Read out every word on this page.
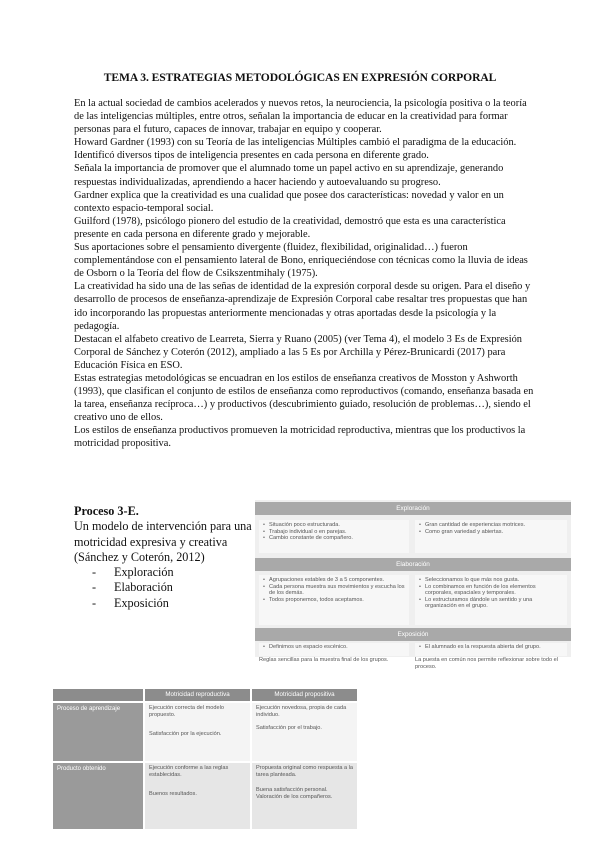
TEMA 3. ESTRATEGIAS METODOLÓGICAS EN EXPRESIÓN CORPORAL

En la actual sociedad de cambios acelerados y nuevos retos, la neurociencia, la psicología positiva o la teoría de las inteligencias múltiples, entre otros, señalan la importancia de educar en la creatividad para formar personas para el futuro, capaces de innovar, trabajar en equipo y cooperar.

Howard Gardner (1993) con su Teoría de las inteligencias Múltiples cambió el paradigma de la educación. Identificó diversos tipos de inteligencia presentes en cada persona en diferente grado.

Señala la importancia de promover que el alumnado tome un papel activo en su aprendizaje, generando respuestas individualizadas, aprendiendo a hacer haciendo y autoevaluando su progreso.

Gardner explica que la creatividad es una cualidad que posee dos características: novedad y valor en un contexto espacio-temporal social.

Guilford (1978), psicólogo pionero del estudio de la creatividad, demostró que esta es una característica presente en cada persona en diferente grado y mejorable.

Sus aportaciones sobre el pensamiento divergente (fluidez, flexibilidad, originalidad…) fueron complementándose con el pensamiento lateral de Bono, enriqueciéndose con técnicas como la lluvia de ideas de Osborn o la Teoría del flow de Csikszentmihaly (1975).

La creatividad ha sido una de las señas de identidad de la expresión corporal desde su origen. Para el diseño y desarrollo de procesos de enseñanza-aprendizaje de Expresión Corporal cabe resaltar tres propuestas que han ido incorporando las propuestas anteriormente mencionadas y otras aportadas desde la psicología y la pedagogía.

Destacan el alfabeto creativo de Learreta, Sierra y Ruano (2005) (ver Tema 4), el modelo 3 Es de Expresión Corporal de Sánchez y Coterón (2012), ampliado a las 5 Es por Archilla y Pérez-Brunicardi (2017) para Educación Física en ESO.

Estas estrategias metodológicas se encuadran en los estilos de enseñanza creativos de Mosston y Ashworth (1993), que clasifican el conjunto de estilos de enseñanza como reproductivos (comando, enseñanza basada en la tarea, enseñanza recíproca…) y productivos (descubrimiento guiado, resolución de problemas…), siendo el creativo uno de ellos.

Los estilos de enseñanza productivos promueven la motricidad reproductiva, mientras que los productivos la motricidad propositiva.

Proceso 3-E.
Un modelo de intervención para una motricidad expresiva y creativa (Sánchez y Coterón, 2012)
- Exploración
- Elaboración
- Exposición
Exploración
• Situación poco estructurada.
• Trabajo individual o en parejas.
• Cambio constante de compañero.
• Gran cantidad de experiencias motrices.
• Como gran variedad y abiertas.
Elaboración
• Agrupaciones estables de 3 a 5 componentes.
• Cada persona muestra sus movimientos y escucha los de los demás.
• Todos proponemos, todos aceptamos.
• Seleccionamos lo que más nos gusta.
• Lo combinamos en función de los elementos corporales, espaciales y temporales.
• Lo estructuramos dándole un sentido y una organización en el grupo.
Exposición
• Definimos un espacio escénico.
•	El alumnado es la respuesta abierta del grupo.
Reglas sencillas para la muestra final de los grupos.	La puesta en común nos permite reflexionar sobre todo el proceso.
Motricidad reproductiva	Motricidad propositiva
Proceso de aprendizaje	Ejecución correcta del modelo propuesto.
Satisfacción por la ejecución.
Ejecución novedosa, propia de cada individuo.
Satisfacción por el trabajo.
Producto obtenido	Ejecución conforme a las reglas establecidas.
Buenos resultados.
Propuesta original como respuesta a la tarea planteada.
Buena satisfacción personal. Valoración de los compañeros.
